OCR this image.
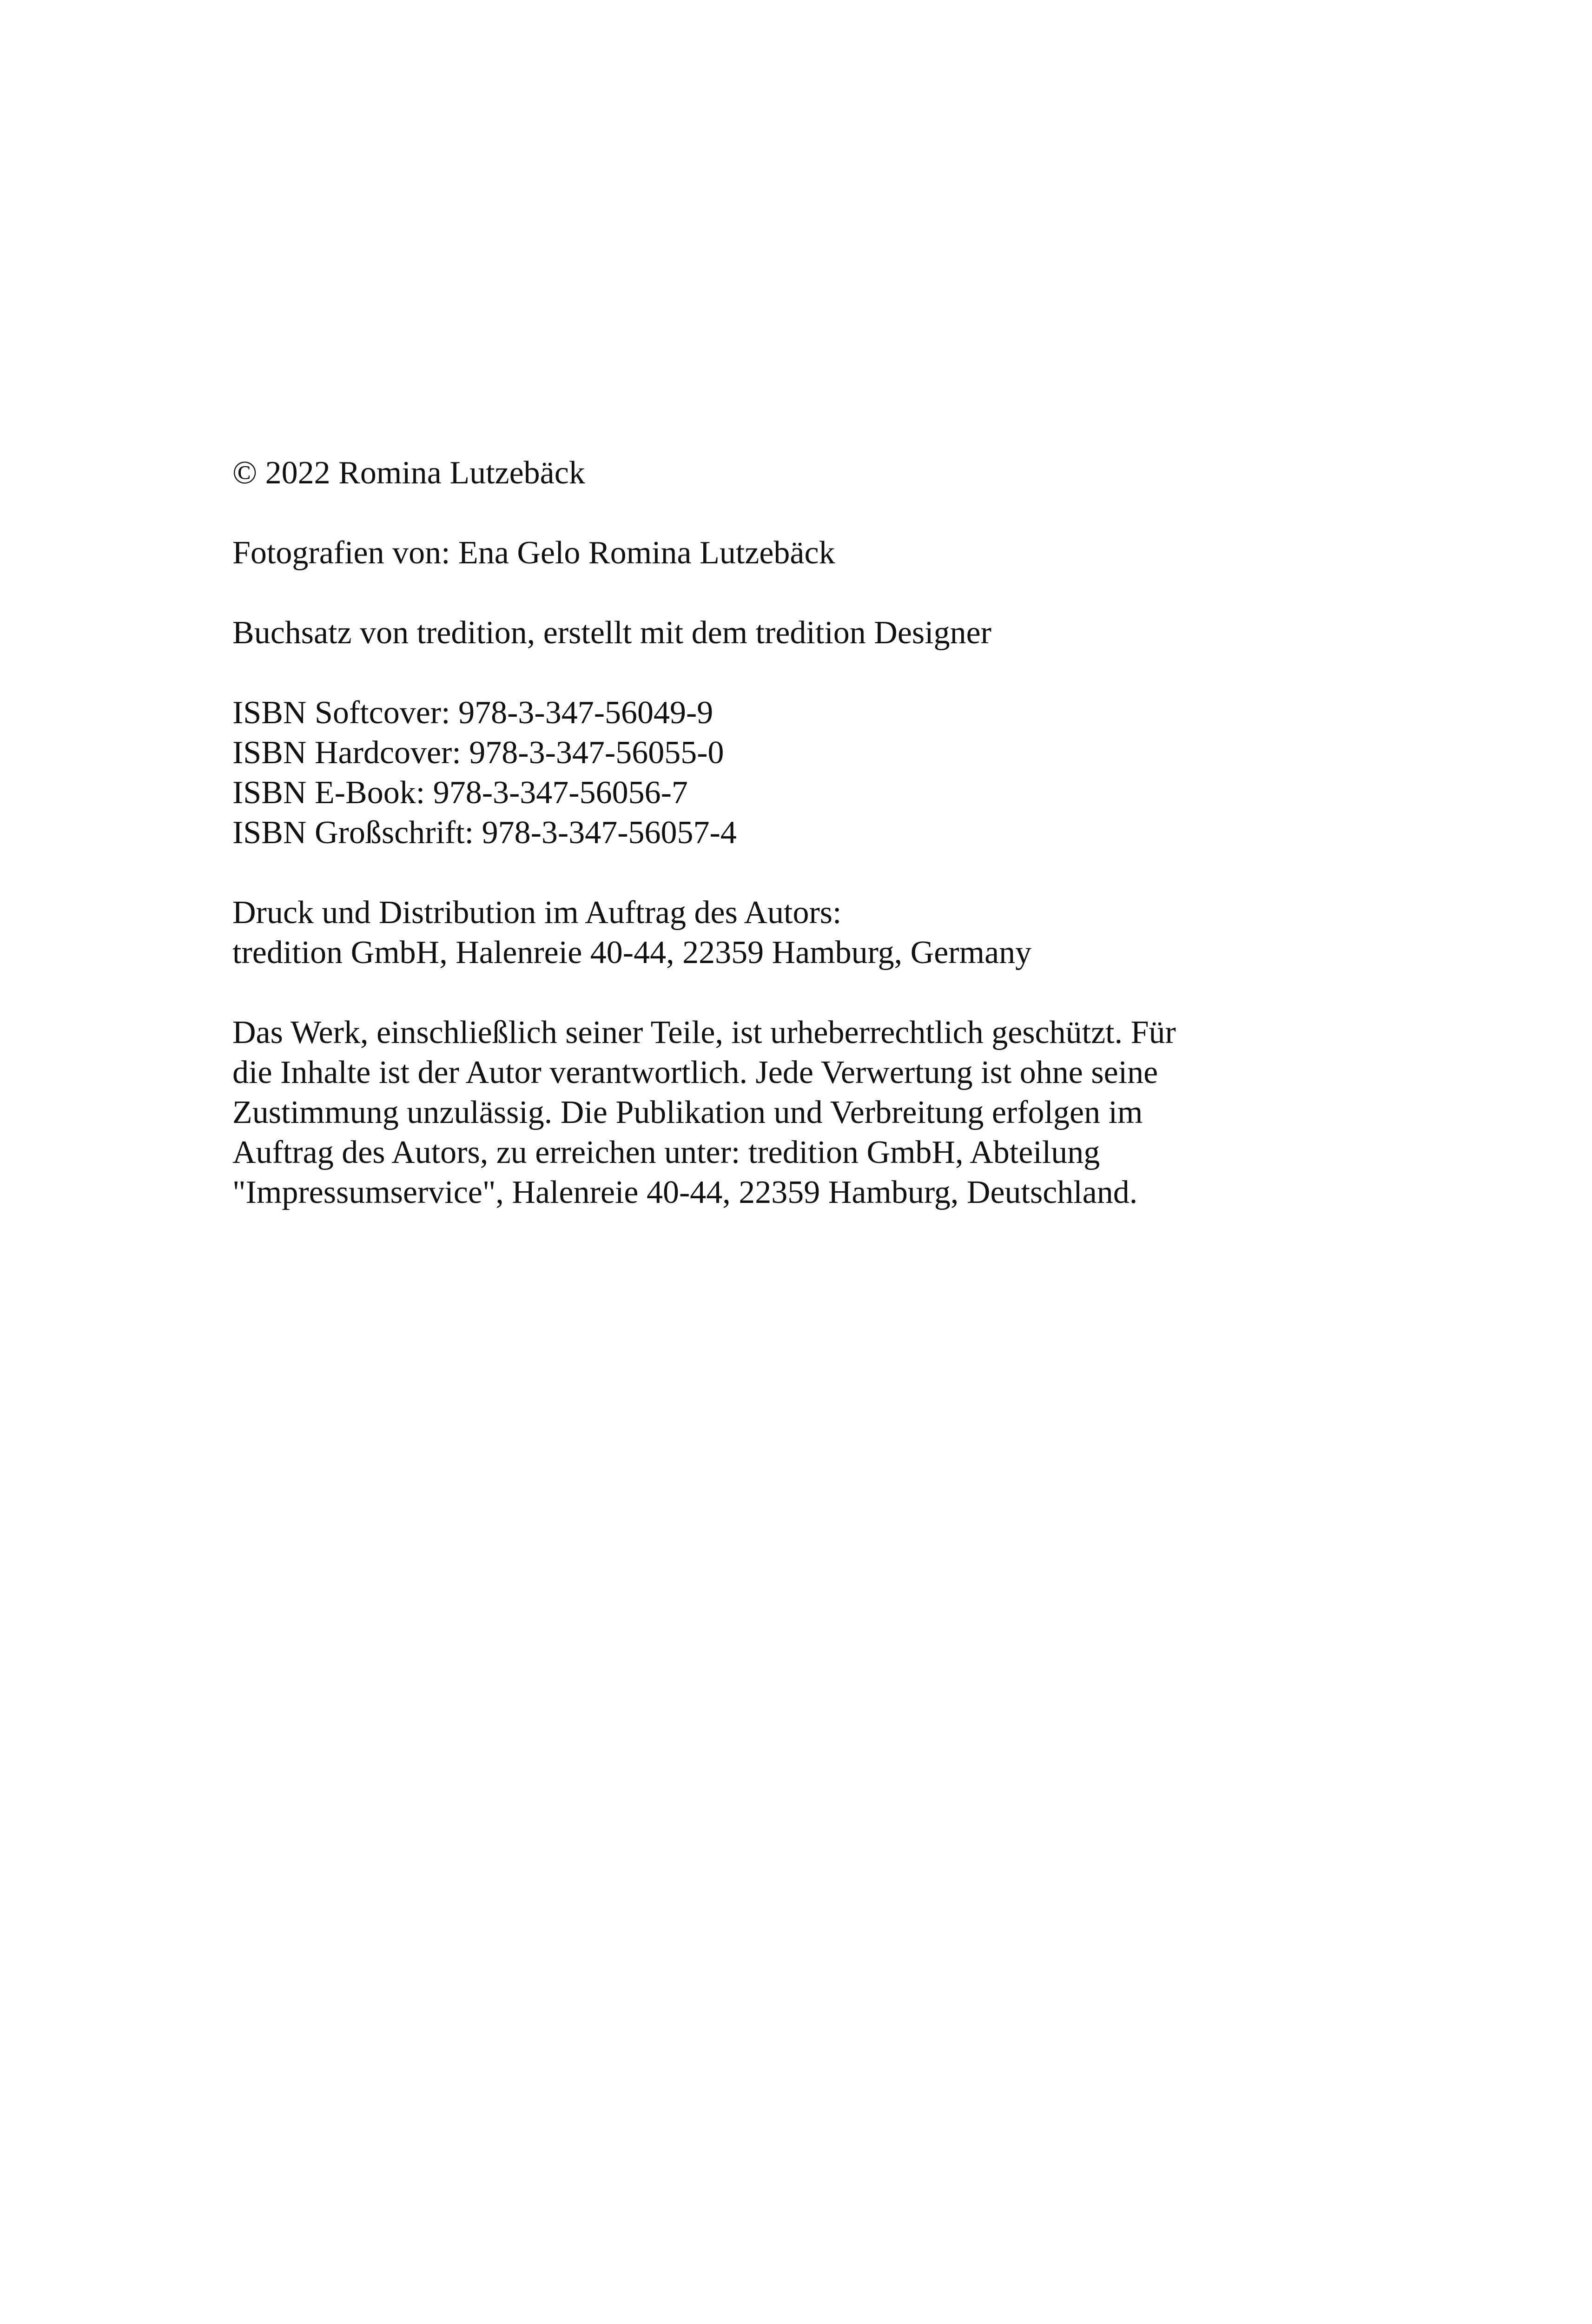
© 2022 Romina Lutzebäck
Fotografien von: Ena Gelo Romina Lutzebäck
Buchsatz von tredition, erstellt mit dem tredition Designer
ISBN Softcover: 978-3-347-56049-9
ISBN Hardcover: 978-3-347-56055-0
ISBN E-Book: 978-3-347-56056-7
ISBN Großschrift: 978-3-347-56057-4
Druck und Distribution im Auftrag des Autors:
tredition GmbH, Halenreie 40-44, 22359 Hamburg, Germany
Das Werk, einschließlich seiner Teile, ist urheberrechtlich geschützt. Für
die Inhalte ist der Autor verantwortlich. Jede Verwertung ist ohne seine
Zustimmung unzulässig. Die Publikation und Verbreitung erfolgen im
Auftrag des Autors, zu erreichen unter: tredition GmbH, Abteilung
"Impressumservice", Halenreie 40-44, 22359 Hamburg, Deutschland.
